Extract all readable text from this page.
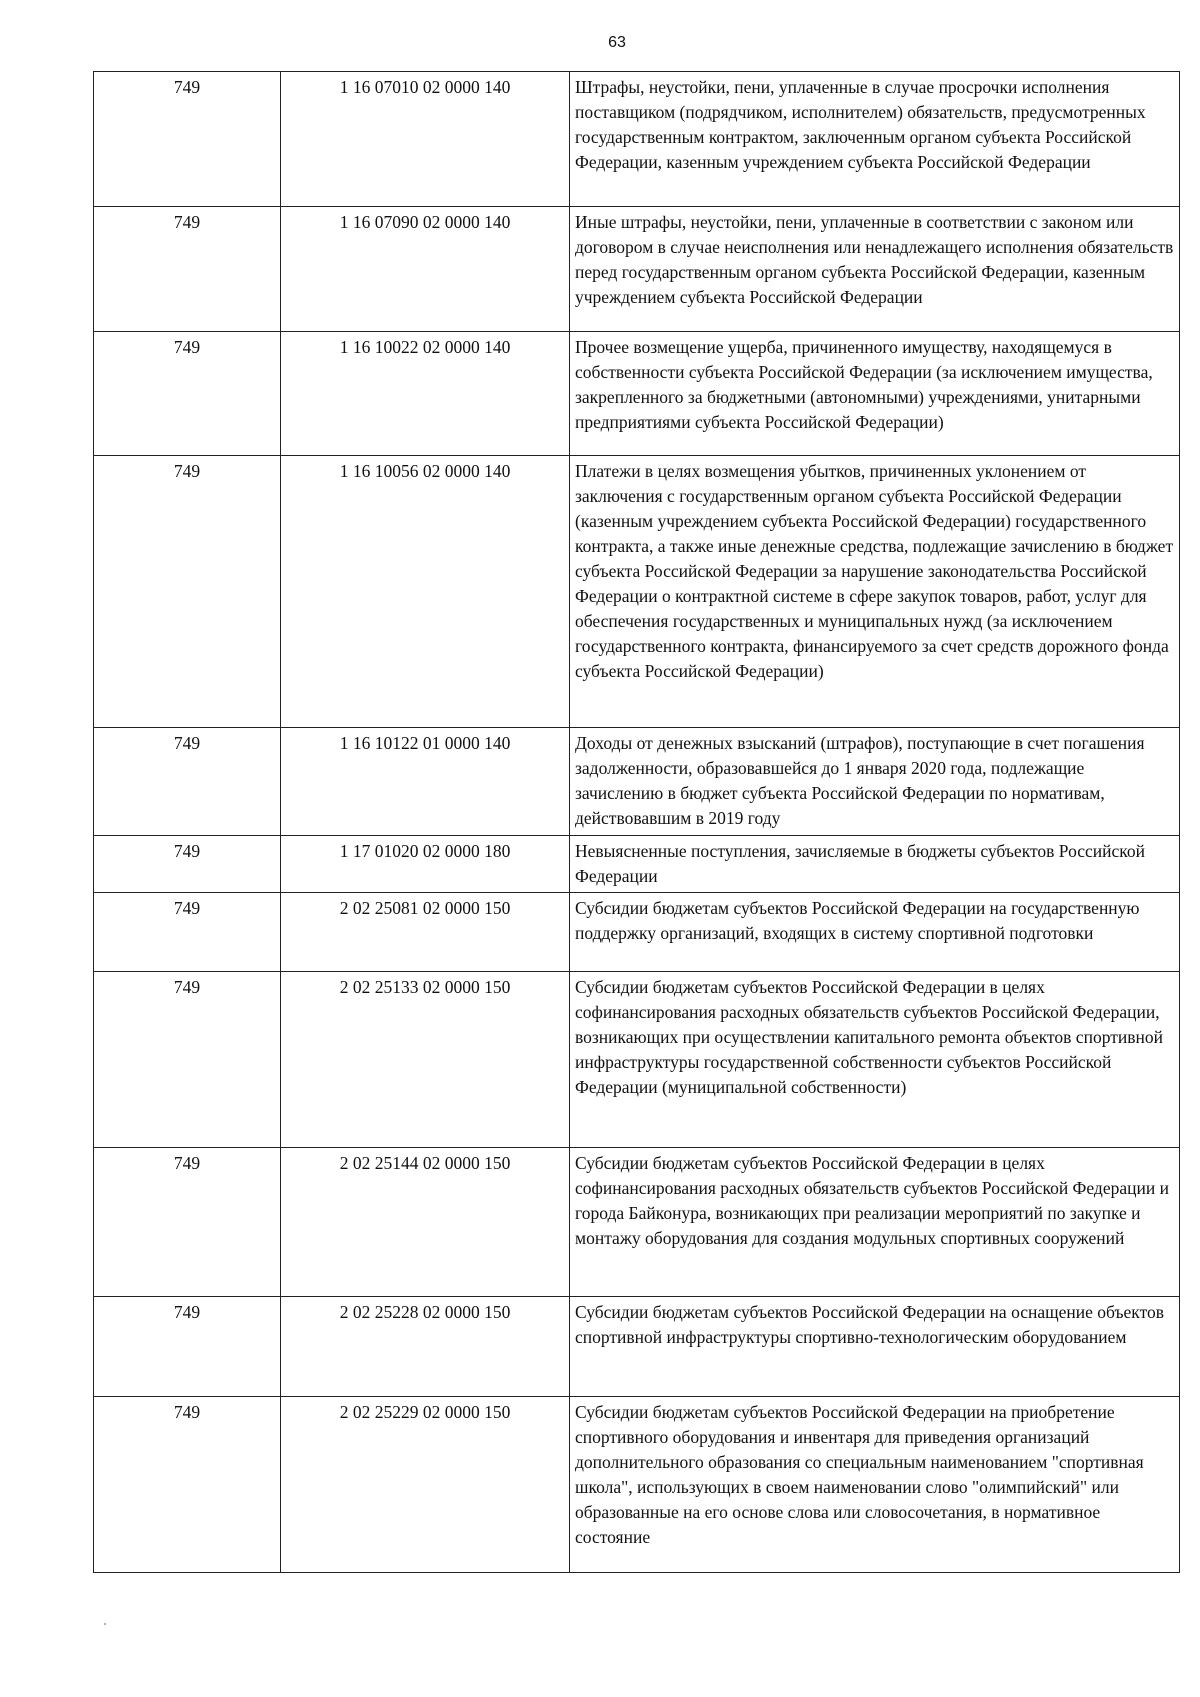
63
749	1 16 07010 02 0000 140	Штрафы, неустойки, пени, уплаченные в случае просрочки исполнения поставщиком (подрядчиком, исполнителем) обязательств, предусмотренных государственным контрактом, заключенным органом субъекта Российской Федерации, казенным учреждением субъекта Российской Федерации
749	1 16 07090 02 0000 140	Иные штрафы, неустойки, пени, уплаченные в соответствии с законом или договором в случае неисполнения или ненадлежащего исполнения обязательств перед государственным органом субъекта Российской Федерации, казенным учреждением субъекта Российской Федерации
749	1 16 10022 02 0000 140	Прочее возмещение ущерба, причиненного имуществу, находящемуся в собственности субъекта Российской Федерации (за исключением имущества, закрепленного за бюджетными (автономными) учреждениями, унитарными предприятиями субъекта Российской Федерации)
749	1 16 10056 02 0000 140	Платежи в целях возмещения убытков, причиненных уклонением от заключения с государственным органом субъекта Российской Федерации (казенным учреждением субъекта Российской Федерации) государственного контракта, а также иные денежные средства, подлежащие зачислению в бюджет субъекта Российской Федерации за нарушение законодательства Российской Федерации о контрактной системе в сфере закупок товаров, работ, услуг для обеспечения государственных и муниципальных нужд (за исключением государственного контракта, финансируемого за счет средств дорожного фонда субъекта Российской Федерации)
749	1 16 10122 01 0000 140	Доходы от денежных взысканий (штрафов), поступающие в счет погашения задолженности, образовавшейся до 1 января 2020 года, подлежащие зачислению в бюджет субъекта Российской Федерации по нормативам, действовавшим в 2019 году
749	1 17 01020 02 0000 180	Невыясненные поступления, зачисляемые в бюджеты субъектов Российской Федерации
749	2 02 25081 02 0000 150	Субсидии бюджетам субъектов Российской Федерации на государственную поддержку организаций, входящих в систему спортивной подготовки
749	2 02 25133 02 0000 150	Субсидии бюджетам субъектов Российской Федерации в целях софинансирования расходных обязательств субъектов Российской Федерации, возникающих при осуществлении капитального ремонта объектов спортивной инфраструктуры государственной собственности субъектов Российской Федерации (муниципальной собственности)
749	2 02 25144 02 0000 150	Субсидии бюджетам субъектов Российской Федерации в целях софинансирования расходных обязательств субъектов Российской Федерации и города Байконура, возникающих при реализации мероприятий по закупке и монтажу оборудования для создания модульных спортивных сооружений
749	2 02 25228 02 0000 150	Субсидии бюджетам субъектов Российской Федерации на оснащение объектов спортивной инфраструктуры спортивно-технологическим оборудованием
749	2 02 25229 02 0000 150	Субсидии бюджетам субъектов Российской Федерации на приобретение спортивного оборудования и инвентаря для приведения организаций дополнительного образования со специальным наименованием "спортивная школа", использующих в своем наименовании слово "олимпийский" или образованные на его основе слова или словосочетания, в нормативное состояние
